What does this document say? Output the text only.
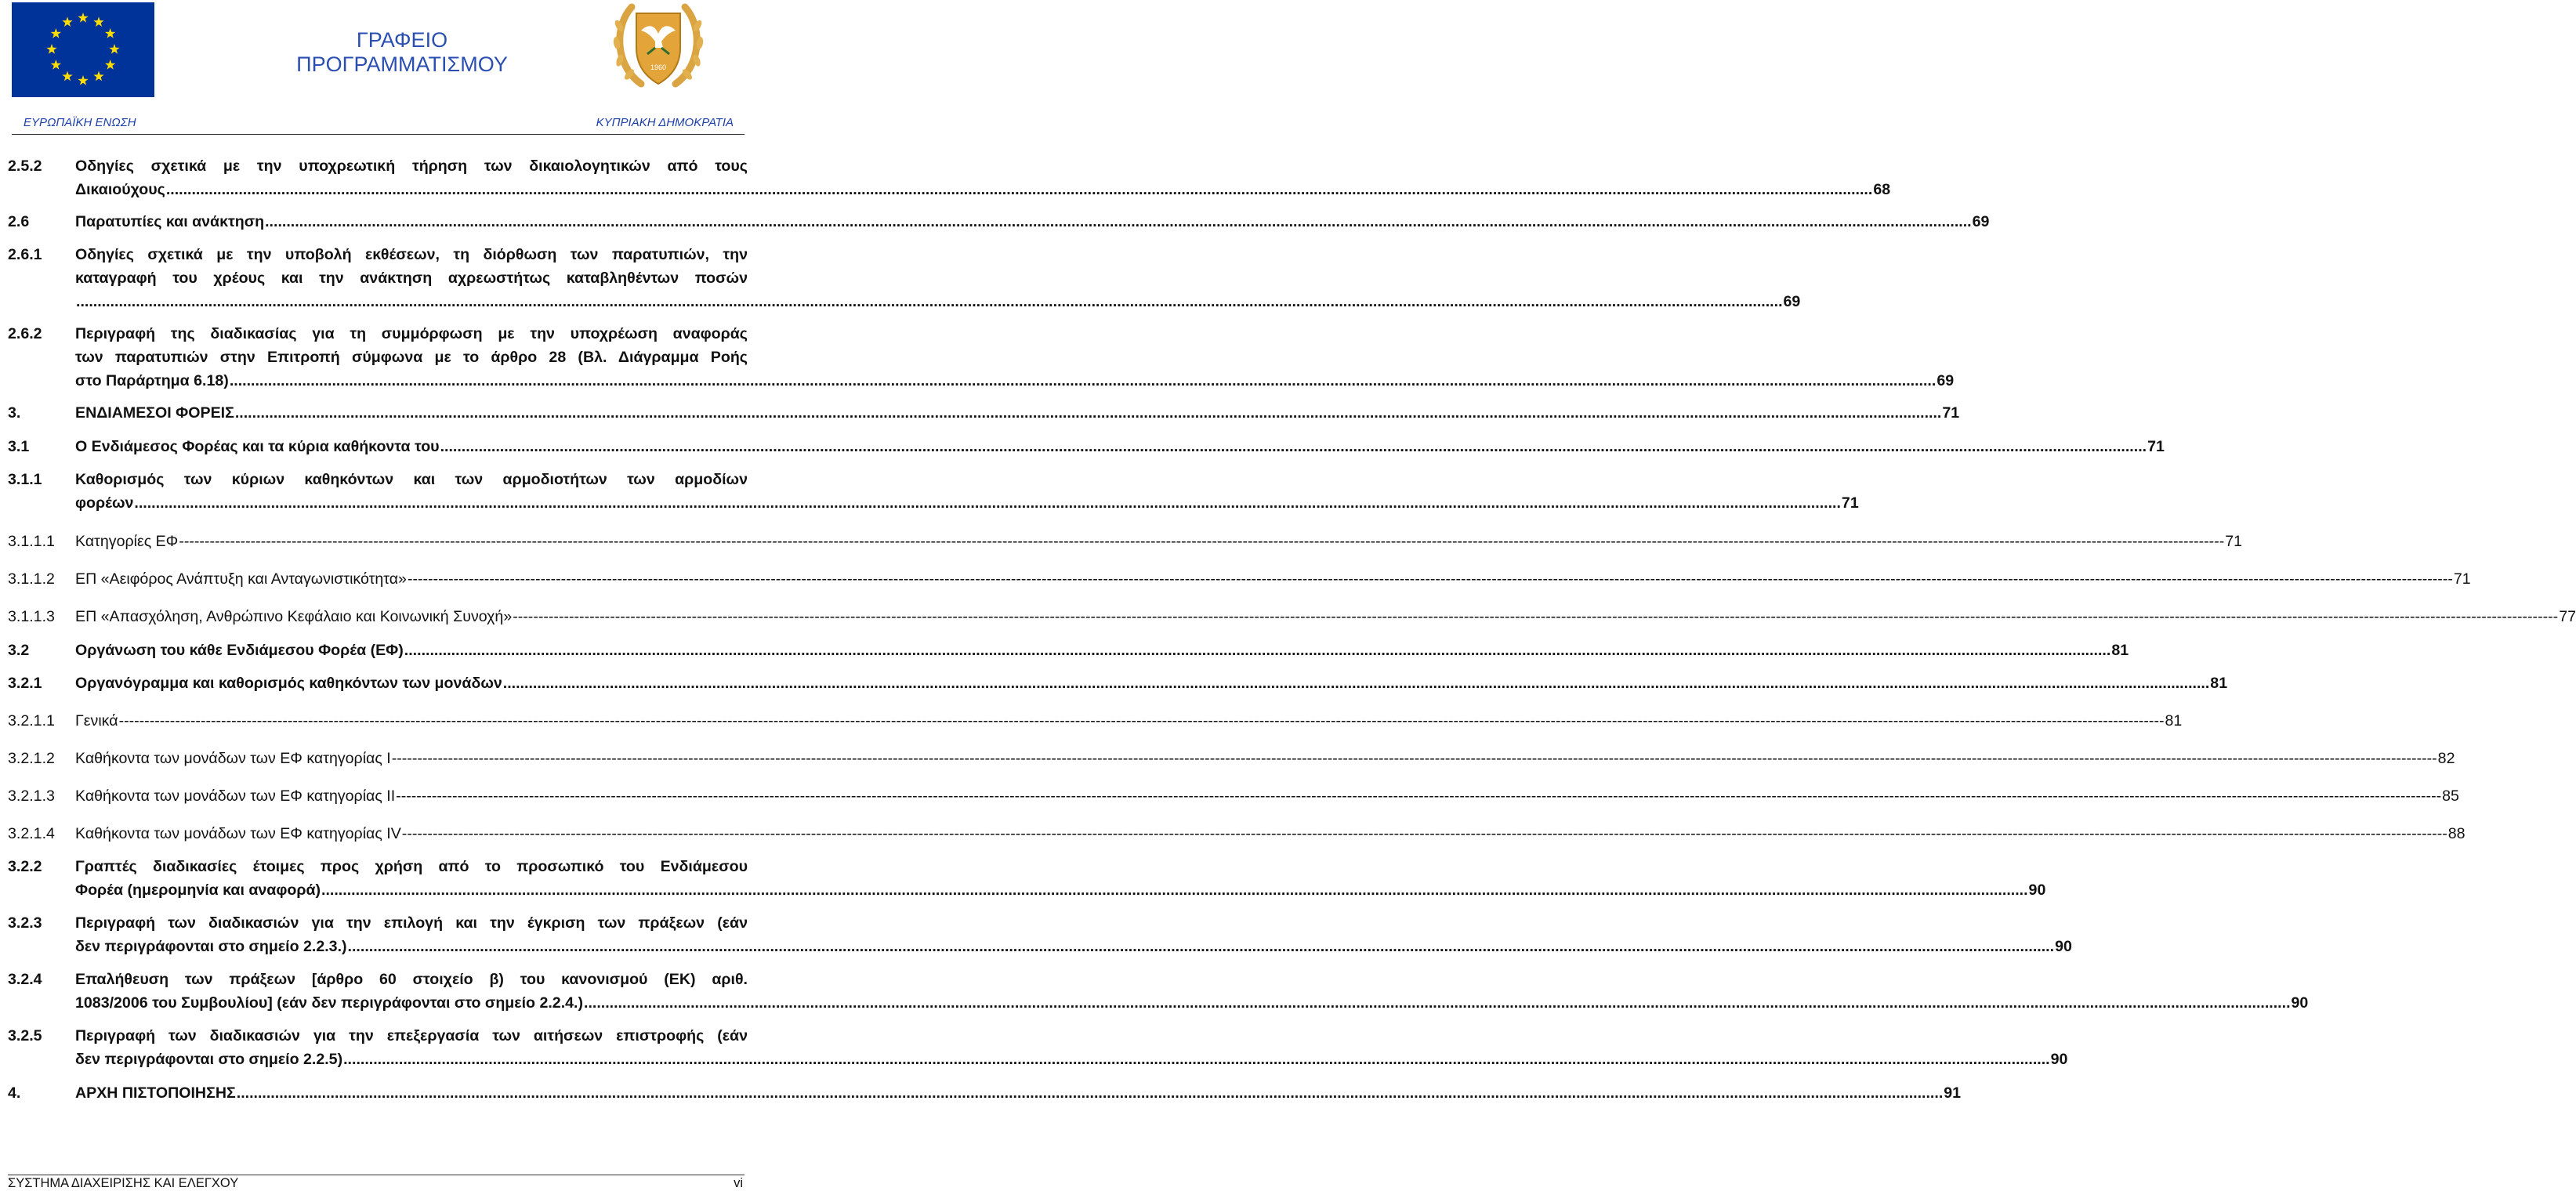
ΓΡΑΦΕΙΟ
ΠΡΟΓΡΑΜΜΑΤΙΣΜΟΥ	1960
ΕΥΡΩΠΑΪΚΗ ΕΝΩΣΗ	ΚΥΠΡΙΑΚΗ ΔΗΜΟΚΡΑΤΙΑ
2.5.2 Οδηγίες σχετικά με την υποχρεωτική τήρηση των δικαιολογητικών από τους
Δικαιούχους ................................................................................................................................................................................................................................................................................................................................................................................................................ 68
2.6	Παρατυπίες και ανάκτηση ................................................................................................................................................................................................................................................................................................................................................................................................................ 69
2.6.1 Οδηγίες σχετικά με την υποβολή εκθέσεων, τη διόρθωση των παρατυπιών, την
καταγραφή του χρέους και την ανάκτηση αχρεωστήτως καταβληθέντων ποσών
................................................................................................................................................................................................................................................................................................................................................................................................................ 69
2.6.2 Περιγραφή της διαδικασίας για τη συμμόρφωση με την υποχρέωση αναφοράς
των παρατυπιών στην Επιτροπή σύμφωνα με το άρθρο 28 (Βλ. Διάγραμμα Ροής
στο Παράρτημα 6.18) ................................................................................................................................................................................................................................................................................................................................................................................................................ 69
3.	ΕΝΔΙΑΜΕΣΟΙ ΦΟΡΕΙΣ ................................................................................................................................................................................................................................................................................................................................................................................................................ 71
3.1	Ο Ενδιάμεσος Φορέας και τα κύρια καθήκοντα του ................................................................................................................................................................................................................................................................................................................................................................................................................ 71
3.1.1 Καθορισμός των κύριων καθηκόντων και των αρμοδιοτήτων των αρμοδίων
φορέων ................................................................................................................................................................................................................................................................................................................................................................................................................ 71
3.1.1.1 Κατηγορίες ΕΦ ---------------------------------------------------------------------------------------------------------------------------------------------------------------------------------------------------------------------------------------------------------------------------------------------------------------------------------------------------------------------------------------------------------------- 71
3.1.1.2 ΕΠ «Αειφόρος Ανάπτυξη και Ανταγωνιστικότητα» ---------------------------------------------------------------------------------------------------------------------------------------------------------------------------------------------------------------------------------------------------------------------------------------------------------------------------------------------------------------------------------------------------------------- 71
3.1.1.3 ΕΠ «Απασχόληση, Ανθρώπινο Κεφάλαιο και Κοινωνική Συνοχή» ---------------------------------------------------------------------------------------------------------------------------------------------------------------------------------------------------------------------------------------------------------------------------------------------------------------------------------------------------------------------------------------------------------------- 77
3.2	Οργάνωση του κάθε Ενδιάμεσου Φορέα (ΕΦ) ................................................................................................................................................................................................................................................................................................................................................................................................................ 81
3.2.1 Οργανόγραμμα και καθορισμός καθηκόντων των μονάδων ................................................................................................................................................................................................................................................................................................................................................................................................................ 81
3.2.1.1 Γενικά ---------------------------------------------------------------------------------------------------------------------------------------------------------------------------------------------------------------------------------------------------------------------------------------------------------------------------------------------------------------------------------------------------------------- 81
3.2.1.2 Καθήκοντα των μονάδων των ΕΦ κατηγορίας Ι ---------------------------------------------------------------------------------------------------------------------------------------------------------------------------------------------------------------------------------------------------------------------------------------------------------------------------------------------------------------------------------------------------------------- 82
3.2.1.3 Καθήκοντα των μονάδων των ΕΦ κατηγορίας ΙΙ ---------------------------------------------------------------------------------------------------------------------------------------------------------------------------------------------------------------------------------------------------------------------------------------------------------------------------------------------------------------------------------------------------------------- 85
3.2.1.4 Καθήκοντα των μονάδων των ΕΦ κατηγορίας ΙV ---------------------------------------------------------------------------------------------------------------------------------------------------------------------------------------------------------------------------------------------------------------------------------------------------------------------------------------------------------------------------------------------------------------- 88
3.2.2 Γραπτές διαδικασίες έτοιμες προς χρήση από το προσωπικό του Ενδιάμεσου
Φορέα (ημερομηνία και αναφορά) ................................................................................................................................................................................................................................................................................................................................................................................................................ 90
3.2.3 Περιγραφή των διαδικασιών για την επιλογή και την έγκριση των πράξεων (εάν
δεν περιγράφονται στο σημείο 2.2.3.) ................................................................................................................................................................................................................................................................................................................................................................................................................ 90
3.2.4 Επαλήθευση των πράξεων [άρθρο 60 στοιχείο β) του κανονισμού (ΕΚ) αριθ.
1083/2006 του Συμβουλίου] (εάν δεν περιγράφονται στο σημείο 2.2.4.) ................................................................................................................................................................................................................................................................................................................................................................................................................ 90
3.2.5 Περιγραφή των διαδικασιών για την επεξεργασία των αιτήσεων επιστροφής (εάν
δεν περιγράφονται στο σημείο 2.2.5) ................................................................................................................................................................................................................................................................................................................................................................................................................ 90
4.	ΑΡΧΗ ΠΙΣΤΟΠΟΙΗΣΗΣ ................................................................................................................................................................................................................................................................................................................................................................................................................ 91
ΣΥΣΤΗΜΑ ΔΙΑΧΕΙΡΙΣΗΣ ΚΑΙ ΕΛΕΓΧΟΥ	vi
